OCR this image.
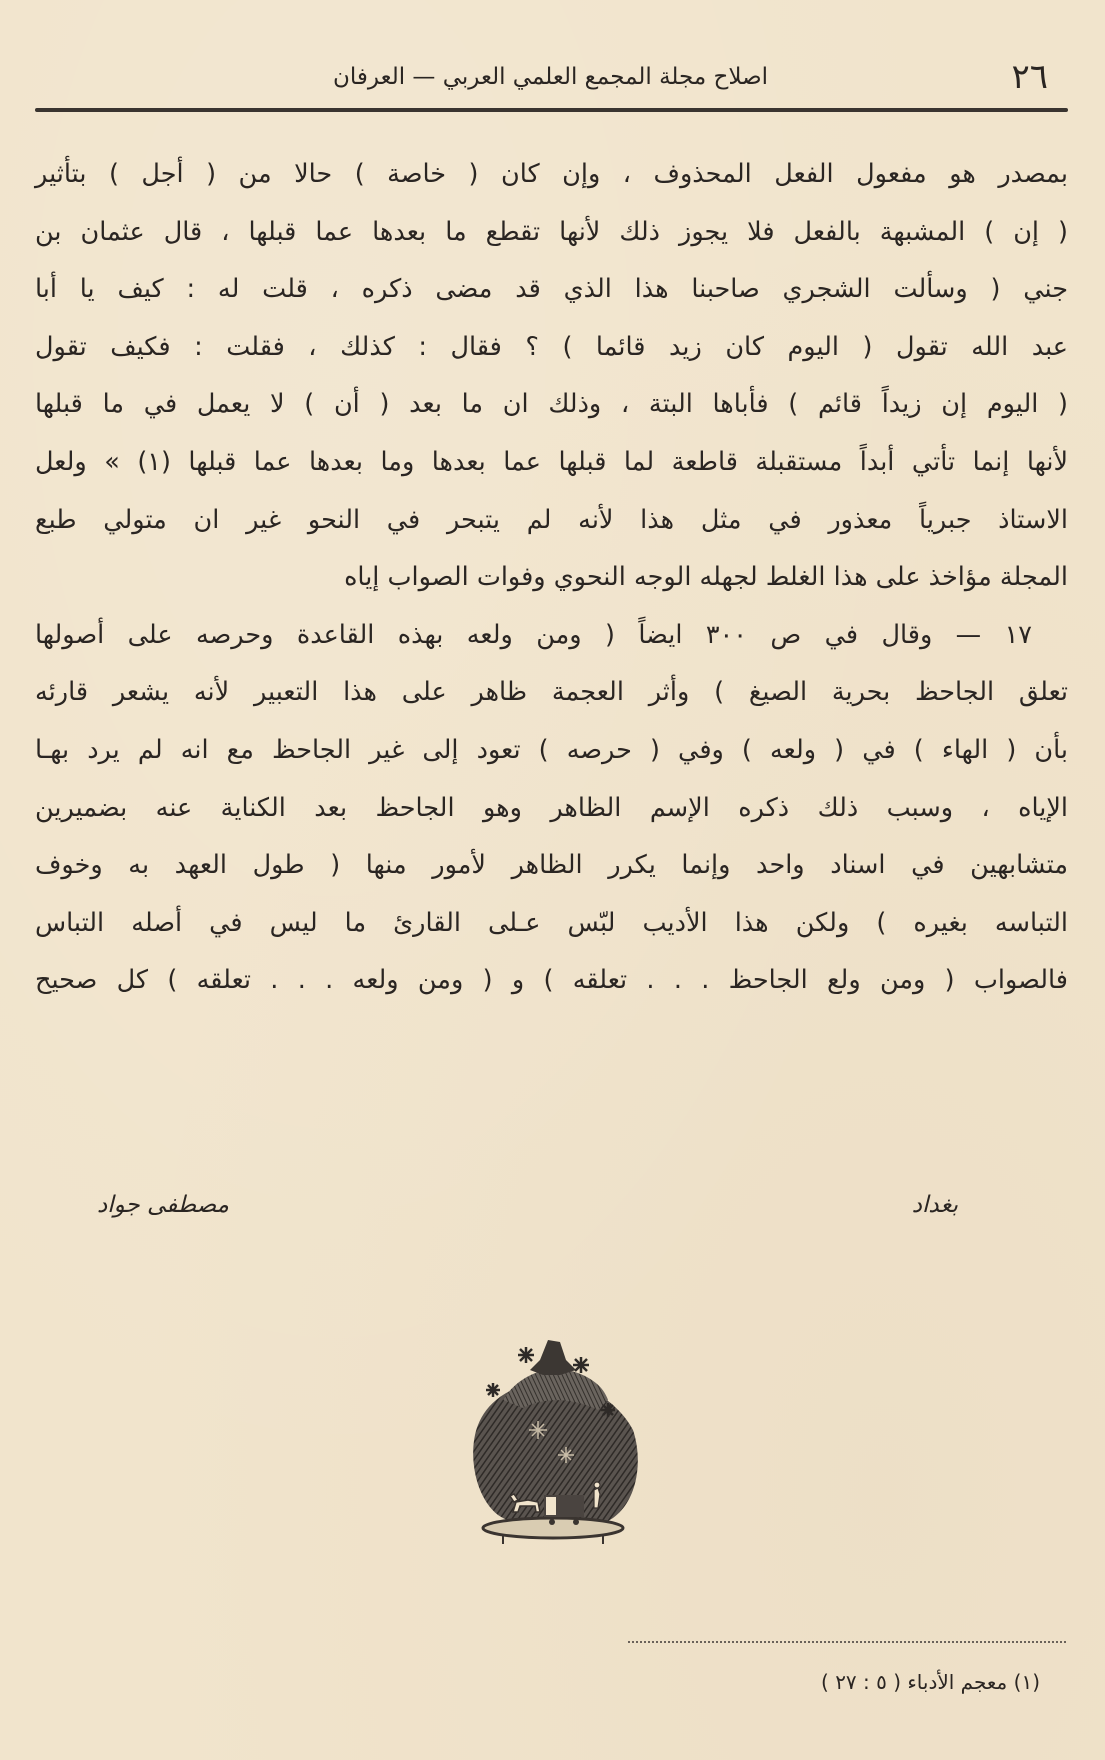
٢٦
اصلاح مجلة المجمع العلمي العربي — العرفان
بمصدر هو مفعول الفعل المحذوف ، وإن كان ( خاصة ) حالا من ( أجل ) بتأثير
( إن ) المشبهة بالفعل فلا يجوز ذلك لأنها تقطع ما بعدها عما قبلها ، قال عثمان بن
جني ( وسألت الشجري صاحبنا هذا الذي قد مضى ذكره ، قلت له : كيف يا أبا
عبد الله تقول ( اليوم كان زيد قائما ) ؟ فقال : كذلك ، فقلت : فكيف تقول
( اليوم إن زيداً قائم ) فأباها البتة ، وذلك ان ما بعد ( أن ) لا يعمل في ما قبلها
لأنها إنما تأتي أبداً مستقبلة قاطعة لما قبلها عما بعدها وما بعدها عما قبلها (١) » ولعل
الاستاذ جبرياً معذور في مثل هذا لأنه لم يتبحر في النحو غير ان متولي طبع
المجلة مؤاخذ على هذا الغلط لجهله الوجه النحوي وفوات الصواب إياه
١٧ — وقال في ص ٣٠٠ ايضاً ( ومن ولعه بهذه القاعدة وحرصه على أصولها
تعلق الجاحظ بحرية الصيغ ) وأثر العجمة ظاهر على هذا التعبير لأنه يشعر قارئه
بأن ( الهاء ) في ( ولعه ) وفي ( حرصه ) تعود إلى غير الجاحظ مع انه لم يرد بهـا
الإياه ، وسبب ذلك ذكره الإسم الظاهر وهو الجاحظ بعد الكناية عنه بضميرين
متشابهين في اسناد واحد وإنما يكرر الظاهر لأمور منها ( طول العهد به وخوف
التباسه بغيره ) ولكن هذا الأديب لبّس عـلى القارئ ما ليس في أصله التباس
فالصواب ( ومن ولع الجاحظ . . . تعلقه ) و ( ومن ولعه . . . تعلقه ) كل صحيح
بغداد
مصطفى جواد
(١) معجم الأدباء ( ٥ : ٢٧ )
